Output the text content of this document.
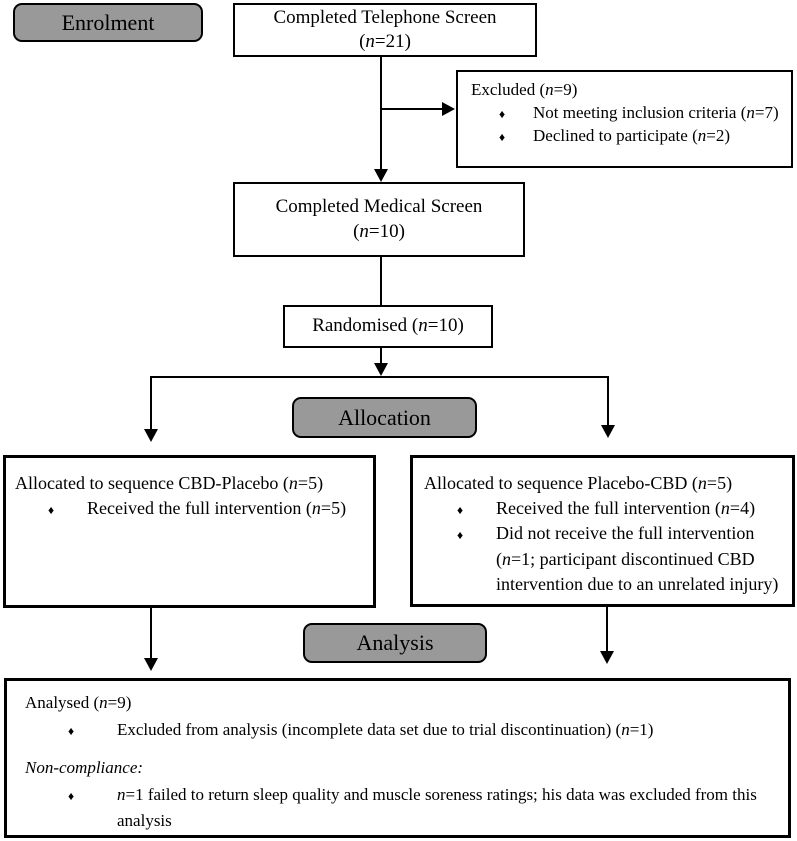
Enrolment
Allocation
Analysis
Completed Telephone Screen
(n=21)
Excluded (n=9)
♦	Not meeting inclusion criteria (n=7)
♦	Declined to participate (n=2)
Completed Medical Screen
(n=10)
Randomised (n=10)
Allocated to sequence CBD-Placebo (n=5)
♦	Received the full intervention (n=5)
Allocated to sequence Placebo-CBD (n=5)
♦	Received the full intervention (n=4)
♦	Did not receive the full intervention (n=1; participant discontinued CBD intervention due to an unrelated injury)
Analysed (n=9)
♦	Excluded from analysis (incomplete data set due to trial discontinuation) (n=1)
Non-compliance:
♦	n=1 failed to return sleep quality and muscle soreness ratings; his data was excluded from this analysis
